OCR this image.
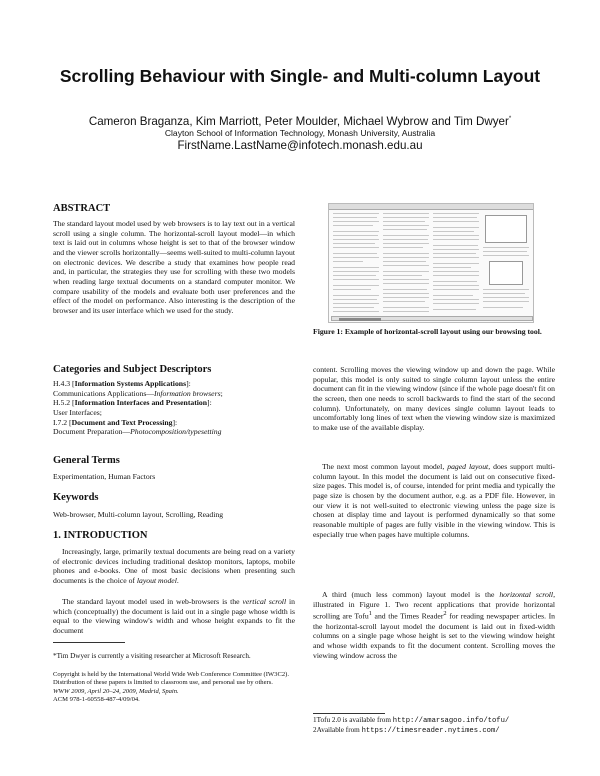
Scrolling Behaviour with Single- and Multi-column Layout
Cameron Braganza, Kim Marriott, Peter Moulder, Michael Wybrow and Tim Dwyer*
Clayton School of Information Technology, Monash University, Australia
FirstName.LastName@infotech.monash.edu.au
ABSTRACT

The standard layout model used by web browsers is to lay text out in a vertical scroll using a single column. The horizontal-scroll layout model—in which text is laid out in columns whose height is set to that of the browser window and the viewer scrolls horizontally—seems well-suited to multi-column layout on electronic devices. We describe a study that examines how people read and, in particular, the strategies they use for scrolling with these two models when reading large textual documents on a standard computer monitor. We compare usability of the models and evaluate both user preferences and the effect of the model on performance. Also interesting is the description of the browser and its user interface which we used for the study.

Categories and Subject Descriptors
H.4.3 [Information Systems Applications]:
Communications Applications—Information browsers;
H.5.2 [Information Interfaces and Presentation]:
User Interfaces;
I.7.2 [Document and Text Processing]:
Document Preparation—Photocomposition/typesetting
General Terms

Experimentation, Human Factors

Keywords

Web-browser, Multi-column layout, Scrolling, Reading

1. INTRODUCTION

Increasingly, large, primarily textual documents are being read on a variety of electronic devices including traditional desktop monitors, laptops, mobile phones and e-books. One of most basic decisions when presenting such documents is the choice of layout model.

The standard layout model used in web-browsers is the vertical scroll in which (conceptually) the document is laid out in a single page whose width is equal to the viewing window's width and whose height expands to fit the document

*Tim Dwyer is currently a visiting researcher at Microsoft Research.

Copyright is held by the International World Wide Web Conference Committee (IW3C2). Distribution of these papers is limited to classroom use, and personal use by others.
WWW 2009, April 20–24, 2009, Madrid, Spain.
ACM 978-1-60558-487-4/09/04.
Figure 1: Example of horizontal-scroll layout using our browsing tool.

content. Scrolling moves the viewing window up and down the page. While popular, this model is only suited to single column layout unless the entire document can fit in the viewing window (since if the whole page doesn't fit on the screen, then one needs to scroll backwards to find the start of the second column). Unfortunately, on many devices single column layout leads to uncomfortably long lines of text when the viewing window size is maximized to make use of the available display.

The next most common layout model, paged layout, does support multi-column layout. In this model the document is laid out on consecutive fixed-size pages. This model is, of course, intended for print media and typically the page size is chosen by the document author, e.g. as a PDF file. However, in our view it is not well-suited to electronic viewing unless the page size is chosen at display time and layout is performed dynamically so that some reasonable multiple of pages are fully visible in the viewing window. This is especially true when pages have multiple columns.

A third (much less common) layout model is the horizontal scroll, illustrated in Figure 1. Two recent applications that provide horizontal scrolling are Tofu$^1$ and the Times Reader$^2$ for reading newspaper articles. In the horizontal-scroll layout model the document is laid out in fixed-width columns on a single page whose height is set to the viewing window height and whose width expands to fit the document content. Scrolling moves the viewing window across the

1Tofu 2.0 is available from http://amarsagoo.info/tofu/
2Available from https://timesreader.nytimes.com/
